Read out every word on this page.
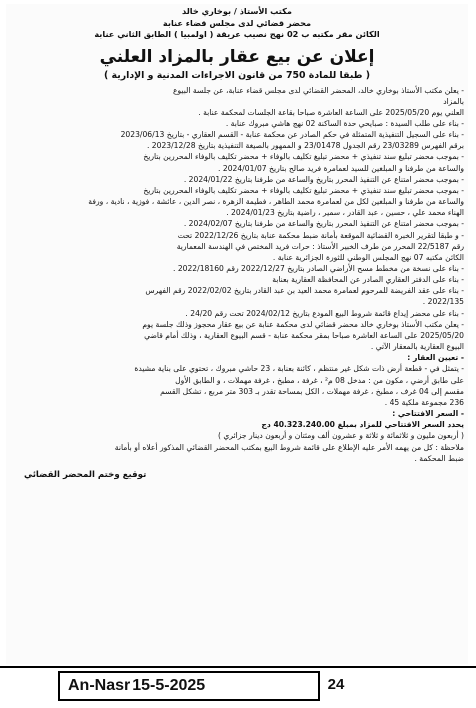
مكتب الأستاذ / بوخاري خالد
محضر قضائي لدى مجلس قضاء عنابة
الكائن مقر مكتبه ب 02 نهج نصيب عريقة ( اولمبيا ) الطابق الثاني عنابة
إعلان عن بيع عقار بالمزاد العلني
( طبقا للمادة 750 من قانون الاجراءات المدنية و الإدارية )
- يعلن مكتب الأستاذ بوخاري خالد، المحضر القضائي لدى مجلس قضاء عنابة، عن جلسة البيوع
بالمزاد
العلني يوم 2025/05/20 على الساعة العاشرة صباحا بقاعة الجلسات لمحكمة عنابة .
- بناء على طلب السيدة : صبايحي حدة الساكنة 02 نهج هاشي مبروك عنابة .
- بناء على السجيل التنفيذية المتمثلة في حكم الصادر عن محكمة عنابة - القسم العقاري - بتاريخ 2023/06/13
برقم الفهرس 23/03289 رقم الجدول 23/01478 و الممهور بالصيغة التنفيذية بتاريخ 2023/12/28 .
- بموجب محضر تبليغ سند تنفيذي + محضر تبليغ تكليف بالوفاء + محضر تكليف بالوفاء المحررين بتاريخ
والساعة من طرفنا و المبلغين للسيد لعمامرة فريد صالح بتاريخ 2024/01/07 .
- بموجب محضر امتناع عن التنفيذ المحرر بتاريخ والساعة من طرفنا بتاريخ 2024/01/22 .
- بموجب محضر تبليغ سند تنفيذي + محضر تبليغ تكليف بالوفاء + محضر تكليف بالوفاء المحررين بتاريخ
والساعة من طرفنا و المبلغين لكل من لعمامرة محمد الطاهر ، فطيمة الزهرة ، نصر الدين ، عائشة ، فوزية ، نادية ، ورفة
الهناء محمد علي ، حسين ، عبد القادر ، سمير ، راضية بتاريخ 2024/01/23 .
- بموجب محضر امتناع عن التنفيذ المحرر بتاريخ والساعة من طرفنا بتاريخ 2024/02/07 .
- و طبقا لتقرير الخبرة القضائية الموقعة بأمانة ضبط محكمة عنابة بتاريخ 2022/12/26 تحت
رقم 22/5187 المحرر من طرف الخبير الأستاذ : حرات فريد المختص في الهندسة المعمارية
الكائن مكتبه 07 نهج المجلس الوطني للثورة الجزائرية عنابة .
- بناء على نسخة من مخطط مسح الأراضي الصادر بتاريخ 2022/12/27 رقم 2022/18160 .
- بناء على الدفتر العقاري الصادر عن المحافظة العقارية بعنابة
- بناء على عقد الفريضة للمرحوم لعمامرة محمد العيد بن عبد القادر بتاريخ 2022/02/02 رقم الفهرس
2022/135 .
- بناء على محضر إيداع قائمة شروط البيع المودع بتاريخ 2024/02/12 تحت رقم 24/20 .
- يعلن مكتب الأستاذ بوخاري خالد محضر قضائي لدى محكمة عنابة عن بيع عقار محجوز وذلك جلسة يوم
2025/05/20 على الساعة العاشرة صباحا بمقر محكمة عنابة - قسم البيوع العقارية ، وذلك أمام قاضي
البيوع العقارية بالمعقار الآتي .
- تعيين العقار :
- يتمثل في - قطعة أرض ذات شكل غير منتظم ، كائنة بعنابة ، 23 حاشي مبروك ، تحتوي على بناية مشيدة
على طابق أرضي ، مكون من : مدخل 08 م² ، غرفة ، مطبخ ، غرفة مهملات ، و الطابق الأول
مقسم إلى 04 غرف ، مطبخ ، غرفة مهملات ، الكل بمساحة تقدر بـ 303 متر مربع ، تشكل القسم
236 مجموعة ملكية 45 .
- السعر الافتتاحي :
يحدد السعر الافتتاحي للمزاد بمبلغ 40.323.240.00 دج
( أربعون مليون و ثلاثمائة و ثلاثة و عشرون ألف ومئتان و أربعون دينار جزائري )
ملاحظة : كل من يهمه الأمر عليه الإطلاع على قائمة شروط البيع بمكتب المحضر القضائي المذكور أعلاه أو بأمانة
ضبط المحكمة .
توقيع وختم المحضر القضائي
An-Nasr 15-5-2025	24
